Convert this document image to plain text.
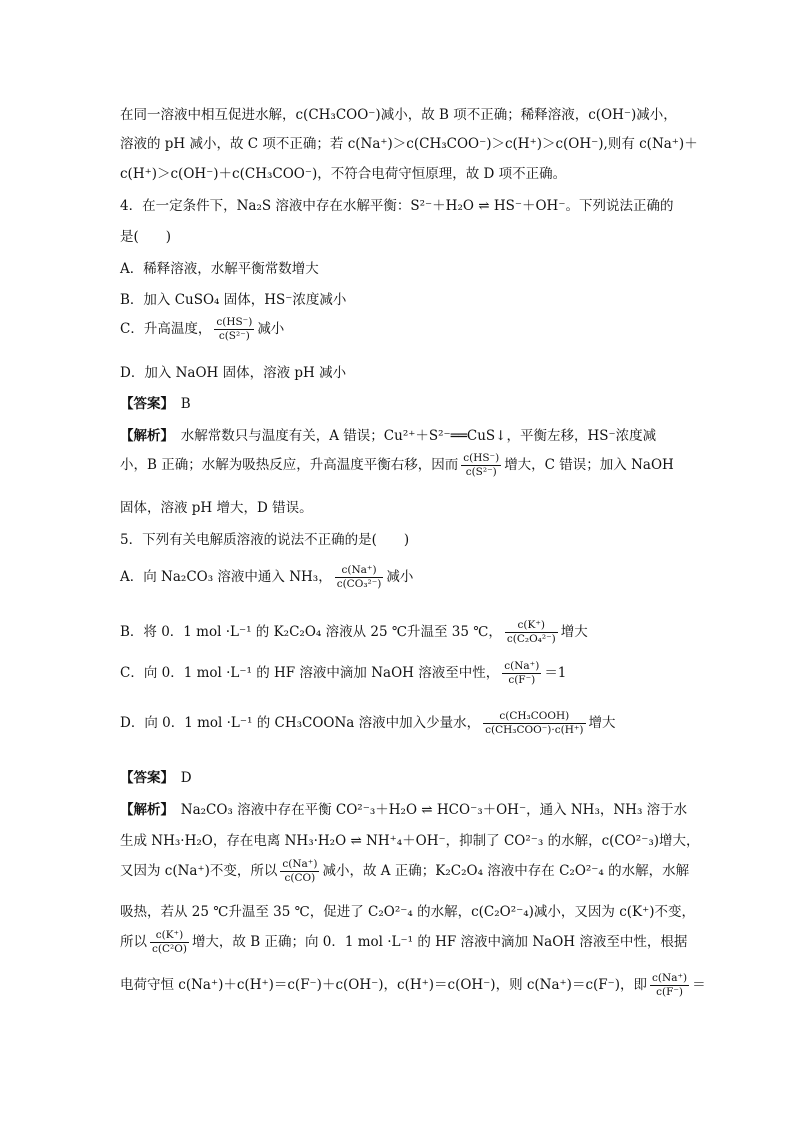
在同一溶液中相互促进水解，c(CH₃COO⁻)减小，故 B 项不正确；稀释溶液，c(OH⁻)减小，
溶液的 pH 减小，故 C 项不正确；若 c(Na⁺)＞c(CH₃COO⁻)＞c(H⁺)＞c(OH⁻),则有 c(Na⁺)＋
c(H⁺)＞c(OH⁻)＋c(CH₃COO⁻)，不符合电荷守恒原理，故 D 项不正确。
4．在一定条件下，Na₂S 溶液中存在水解平衡：S²⁻＋H₂O ⇌ HS⁻＋OH⁻。下列说法正确的
是(　　)
A．稀释溶液，水解平衡常数增大
B．加入 CuSO₄ 固体，HS⁻浓度减小
C．升高温度， $\frac{c(HS^-)}{\text{c(S²⁻)}}$ 减小
D．加入 NaOH 固体，溶液 pH 减小
【答案】　 B
【解析】　 水解常数只与温度有关，A 错误；Cu²⁺＋S²⁻══CuS↓，平衡左移，HS⁻浓度减
小，B 正确；水解为吸热反应，升高温度平衡右移，因而 $\frac{c(HS^-)}{\text{c(S²⁻)}}$ 增大，C 错误；加入 NaOH
固体，溶液 pH 增大，D 错误。
5．下列有关电解质溶液的说法不正确的是(　　)
A．向 Na₂CO₃ 溶液中通入 NH₃， $\frac{c(Na^+)}{\text{c(CO₃²⁻)}}$ 减小
B．将 0．1 mol ·L⁻¹ 的 K₂C₂O₄ 溶液从 25 ℃升温至 35 ℃， $\frac{c(K^+)}{\text{c(C₂O₄²⁻)}}$ 增大
C．向 0．1 mol ·L⁻¹ 的 HF 溶液中滴加 NaOH 溶液至中性， $\frac{c(Na^+)}{c(F^-)} =1$
D．向 0．1 mol ·L⁻¹ 的 CH₃COONa 溶液中加入少量水， $\frac{\text{c(CH₃COOH)}}{\text{c(CH₃COO⁻)·c(H⁺)}}$ 增大
【答案】　 D
【解析】　 Na₂CO₃ 溶液中存在平衡 CO²⁻₃＋H₂O ⇌ HCO⁻₃＋OH⁻，通入 NH₃，NH₃ 溶于水
生成 NH₃·H₂O，存在电离 NH₃·H₂O ⇌ NH⁺₄＋OH⁻，抑制了 CO²⁻₃ 的水解，c(CO²⁻₃)增大，
又因为 c(Na⁺)不变，所以 $\frac{c(Na^+)}{c(CO)}$ 减小，故 A 正确；K₂C₂O₄ 溶液中存在 C₂O²⁻₄ 的水解，水解
吸热，若从 25 ℃升温至 35 ℃，促进了 C₂O²⁻₄ 的水解，c(C₂O²⁻₄)减小，又因为 c(K⁺)不变，
所以 $\frac{c(K^+)}{\text{c(C²O)}}$ 增大，故 B 正确；向 0．1 mol ·L⁻¹ 的 HF 溶液中滴加 NaOH 溶液至中性，根据
电荷守恒 c(Na⁺)＋c(H⁺)＝c(F⁻)＋c(OH⁻)，c(H⁺)＝c(OH⁻)，则 c(Na⁺)＝c(F⁻)，即 $\frac{c(Na^+)}{c(F^-)}$ ＝
